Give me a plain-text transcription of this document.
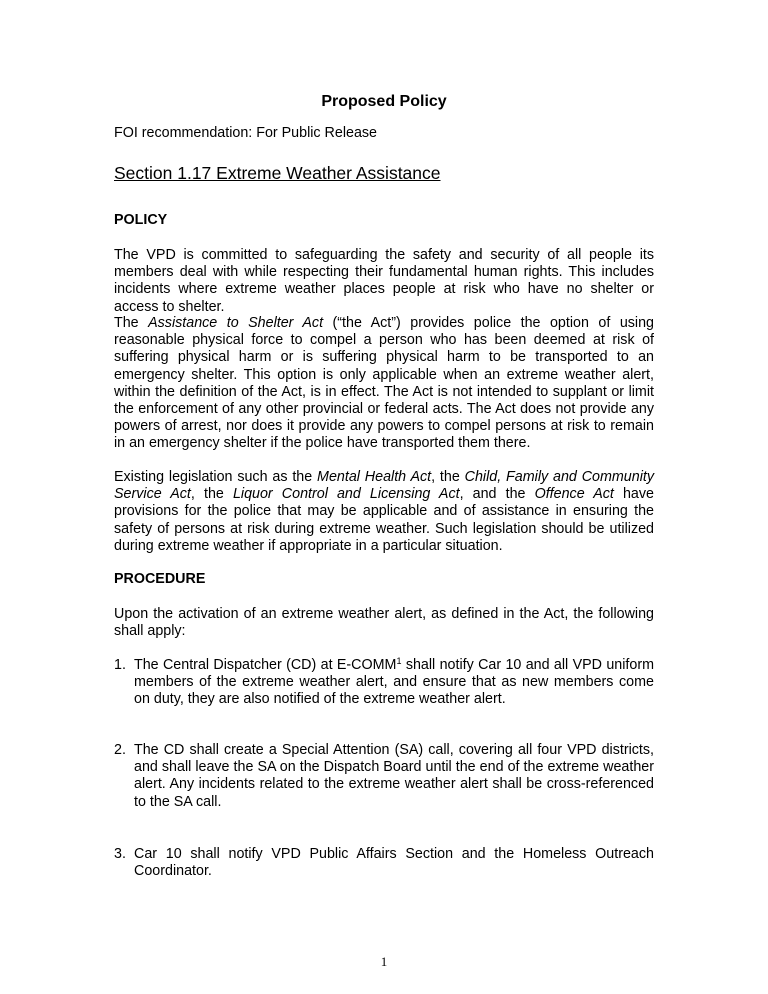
Proposed Policy
FOI recommendation: For Public Release
Section 1.17 Extreme Weather Assistance
POLICY

The VPD is committed to safeguarding the safety and security of all people its members deal with while respecting their fundamental human rights. This includes incidents where extreme weather places people at risk who have no shelter or access to shelter.

The Assistance to Shelter Act (“the Act”) provides police the option of using reasonable physical force to compel a person who has been deemed at risk of suffering physical harm or is suffering physical harm to be transported to an emergency shelter. This option is only applicable when an extreme weather alert, within the definition of the Act, is in effect. The Act is not intended to supplant or limit the enforcement of any other provincial or federal acts. The Act does not provide any powers of arrest, nor does it provide any powers to compel persons at risk to remain in an emergency shelter if the police have transported them there.

Existing legislation such as the Mental Health Act, the Child, Family and Community Service Act, the Liquor Control and Licensing Act, and the Offence Act have provisions for the police that may be applicable and of assistance in ensuring the safety of persons at risk during extreme weather. Such legislation should be utilized during extreme weather if appropriate in a particular situation.

PROCEDURE

Upon the activation of an extreme weather alert, as defined in the Act, the following shall apply:

1. The Central Dispatcher (CD) at E-COMM$^1$ shall notify Car 10 and all VPD uniform members of the extreme weather alert, and ensure that as new members come on duty, they are also notified of the extreme weather alert.
2. The CD shall create a Special Attention (SA) call, covering all four VPD districts, and shall leave the SA on the Dispatch Board until the end of the extreme weather alert. Any incidents related to the extreme weather alert shall be cross-referenced to the SA call.
3. Car 10 shall notify VPD Public Affairs Section and the Homeless Outreach Coordinator.
1
